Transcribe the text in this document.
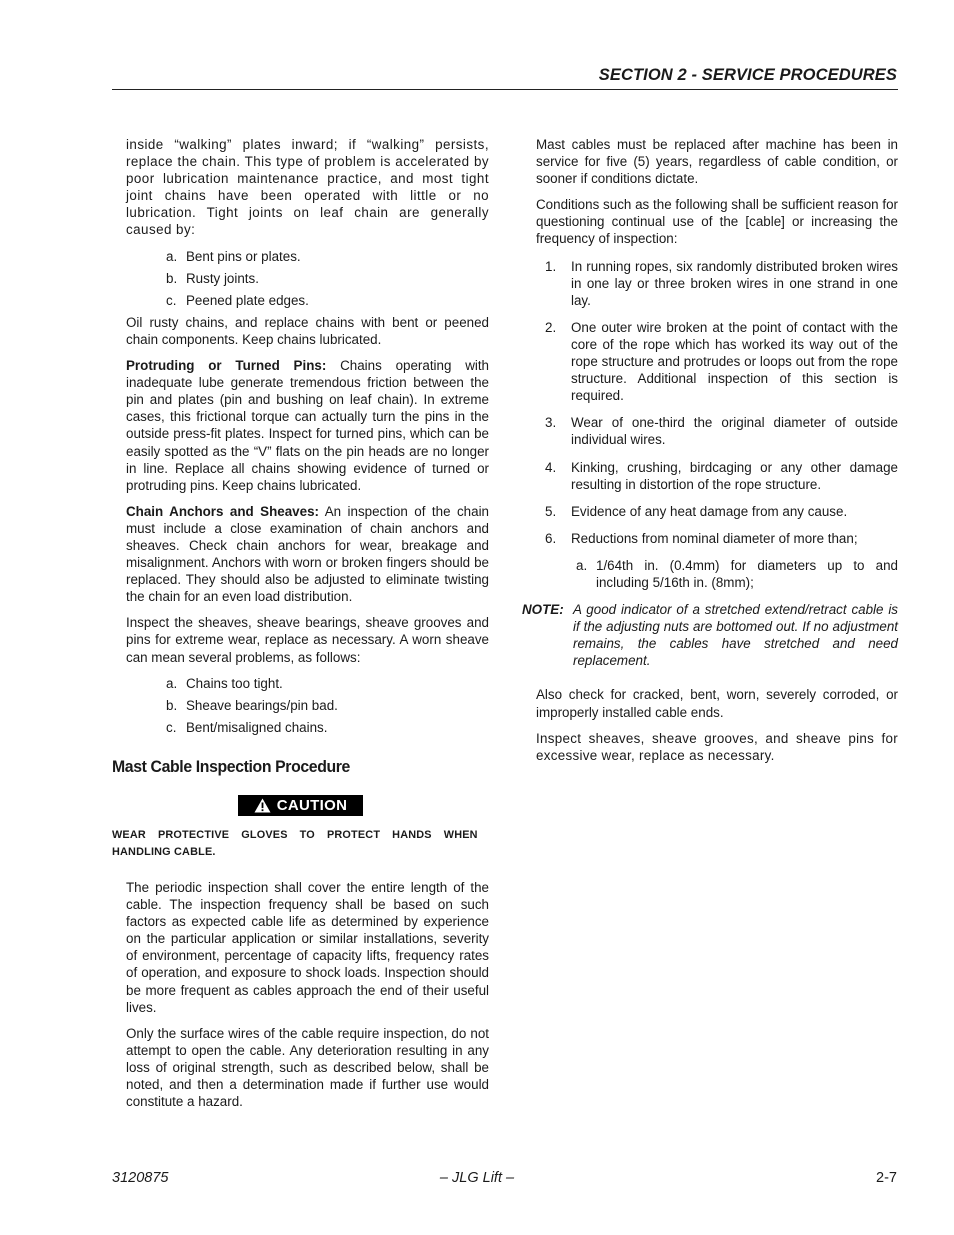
SECTION 2 - SERVICE PROCEDURES

inside “walking” plates inward; if “walking” persists, replace the chain. This type of problem is accelerated by poor lubrication maintenance practice, and most tight joint chains have been operated with little or no lubrication. Tight joints on leaf chain are generally caused by:

a. Bent pins or plates.
b. Rusty joints.
c. Peened plate edges.

Oil rusty chains, and replace chains with bent or peened chain components. Keep chains lubricated.

Protruding or Turned Pins: Chains operating with inadequate lube generate tremendous friction between the pin and plates (pin and bushing on leaf chain). In extreme cases, this frictional torque can actually turn the pins in the outside press-fit plates. Inspect for turned pins, which can be easily spotted as the “V” flats on the pin heads are no longer in line. Replace all chains showing evidence of turned or protruding pins. Keep chains lubricated.

Chain Anchors and Sheaves: An inspection of the chain must include a close examination of chain anchors and sheaves. Check chain anchors for wear, breakage and misalignment. Anchors with worn or broken fingers should be replaced. They should also be adjusted to eliminate twisting the chain for an even load distribution.

Inspect the sheaves, sheave bearings, sheave grooves and pins for extreme wear, replace as necessary. A worn sheave can mean several problems, as follows:

a. Chains too tight.
b. Sheave bearings/pin bad.
c. Bent/misaligned chains.
Mast Cable Inspection Procedure
CAUTION
WEAR PROTECTIVE GLOVES TO PROTECT HANDS WHEN HANDLING CABLE.

The periodic inspection shall cover the entire length of the cable. The inspection frequency shall be based on such factors as expected cable life as determined by experience on the particular application or similar installations, severity of environment, percentage of capacity lifts, frequency rates of operation, and exposure to shock loads. Inspection should be more frequent as cables approach the end of their useful lives.

Only the surface wires of the cable require inspection, do not attempt to open the cable. Any deterioration resulting in any loss of original strength, such as described below, shall be noted, and then a determination made if further use would constitute a hazard.

Mast cables must be replaced after machine has been in service for five (5) years, regardless of cable condition, or sooner if conditions dictate.

Conditions such as the following shall be sufficient reason for questioning continual use of the [cable] or increasing the frequency of inspection:

1.	In running ropes, six randomly distributed broken wires in one lay or three broken wires in one strand in one lay.
2.	One outer wire broken at the point of contact with the core of the rope which has worked its way out of the rope structure and protrudes or loops out from the rope structure. Additional inspection of this section is required.
3.	Wear of one-third the original diameter of outside individual wires.
4.	Kinking, crushing, birdcaging or any other damage resulting in distortion of the rope structure.
5.	Evidence of any heat damage from any cause.
6.	Reductions from nominal diameter of more than;
a. 1/64th in. (0.4mm) for diameters up to and including 5/16th in. (8mm);
NOTE: A good indicator of a stretched extend/retract cable is if the adjusting nuts are bottomed out. If no adjustment remains, the cables have stretched and need replacement.

Also check for cracked, bent, worn, severely corroded, or improperly installed cable ends.

Inspect sheaves, sheave grooves, and sheave pins for excessive wear, replace as necessary.

3120875	– JLG Lift –	2-7
